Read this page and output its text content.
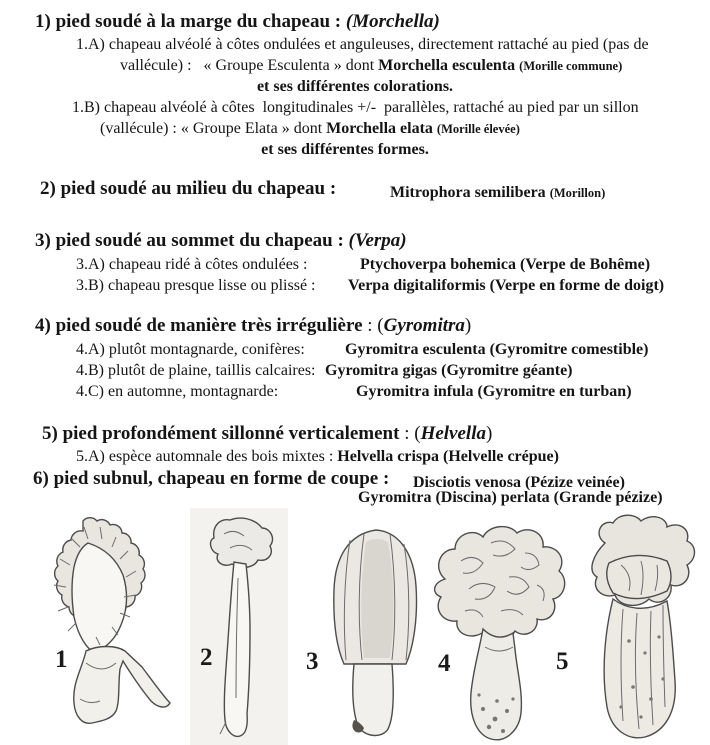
1) pied soudé à la marge du chapeau : (Morchella)
1.A) chapeau alvéolé à côtes ondulées et anguleuses, directement rattaché au pied (pas de
vallécule) :   « Groupe Esculenta » dont Morchella esculenta (Morille commune)
et ses différentes colorations.
1.B) chapeau alvéolé à côtes  longitudinales +/-  parallèles, rattaché au pied par un sillon
(vallécule) : « Groupe Elata » dont Morchella elata (Morille élevée)
et ses différentes formes.
2) pied soudé au milieu du chapeau :	Mitrophora semilibera (Morillon)
3) pied soudé au sommet du chapeau : (Verpa)
3.A) chapeau ridé à côtes ondulées :	Ptychoverpa bohemica (Verpe de Bohême)
3.B) chapeau presque lisse ou plissé : Verpa digitaliformis (Verpe en forme de doigt)
4) pied soudé de manière très irrégulière : (Gyromitra)
4.A) plutôt montagnarde, conifères:	Gyromitra esculenta (Gyromitre comestible)
4.B) plutôt de plaine, taillis calcaires: Gyromitra gigas (Gyromitre géante)
4.C) en automne, montagnarde:	Gyromitra infula (Gyromitre en turban)
5) pied profondément sillonné verticalement : (Helvella)
5.A) espèce automnale des bois mixtes : Helvella crispa (Helvelle crépue)
6) pied subnul, chapeau en forme de coupe : Disciotis venosa (Pézize veinée)
Gyromitra (Discina) perlata (Grande pézize)
1	2	3	4	5
